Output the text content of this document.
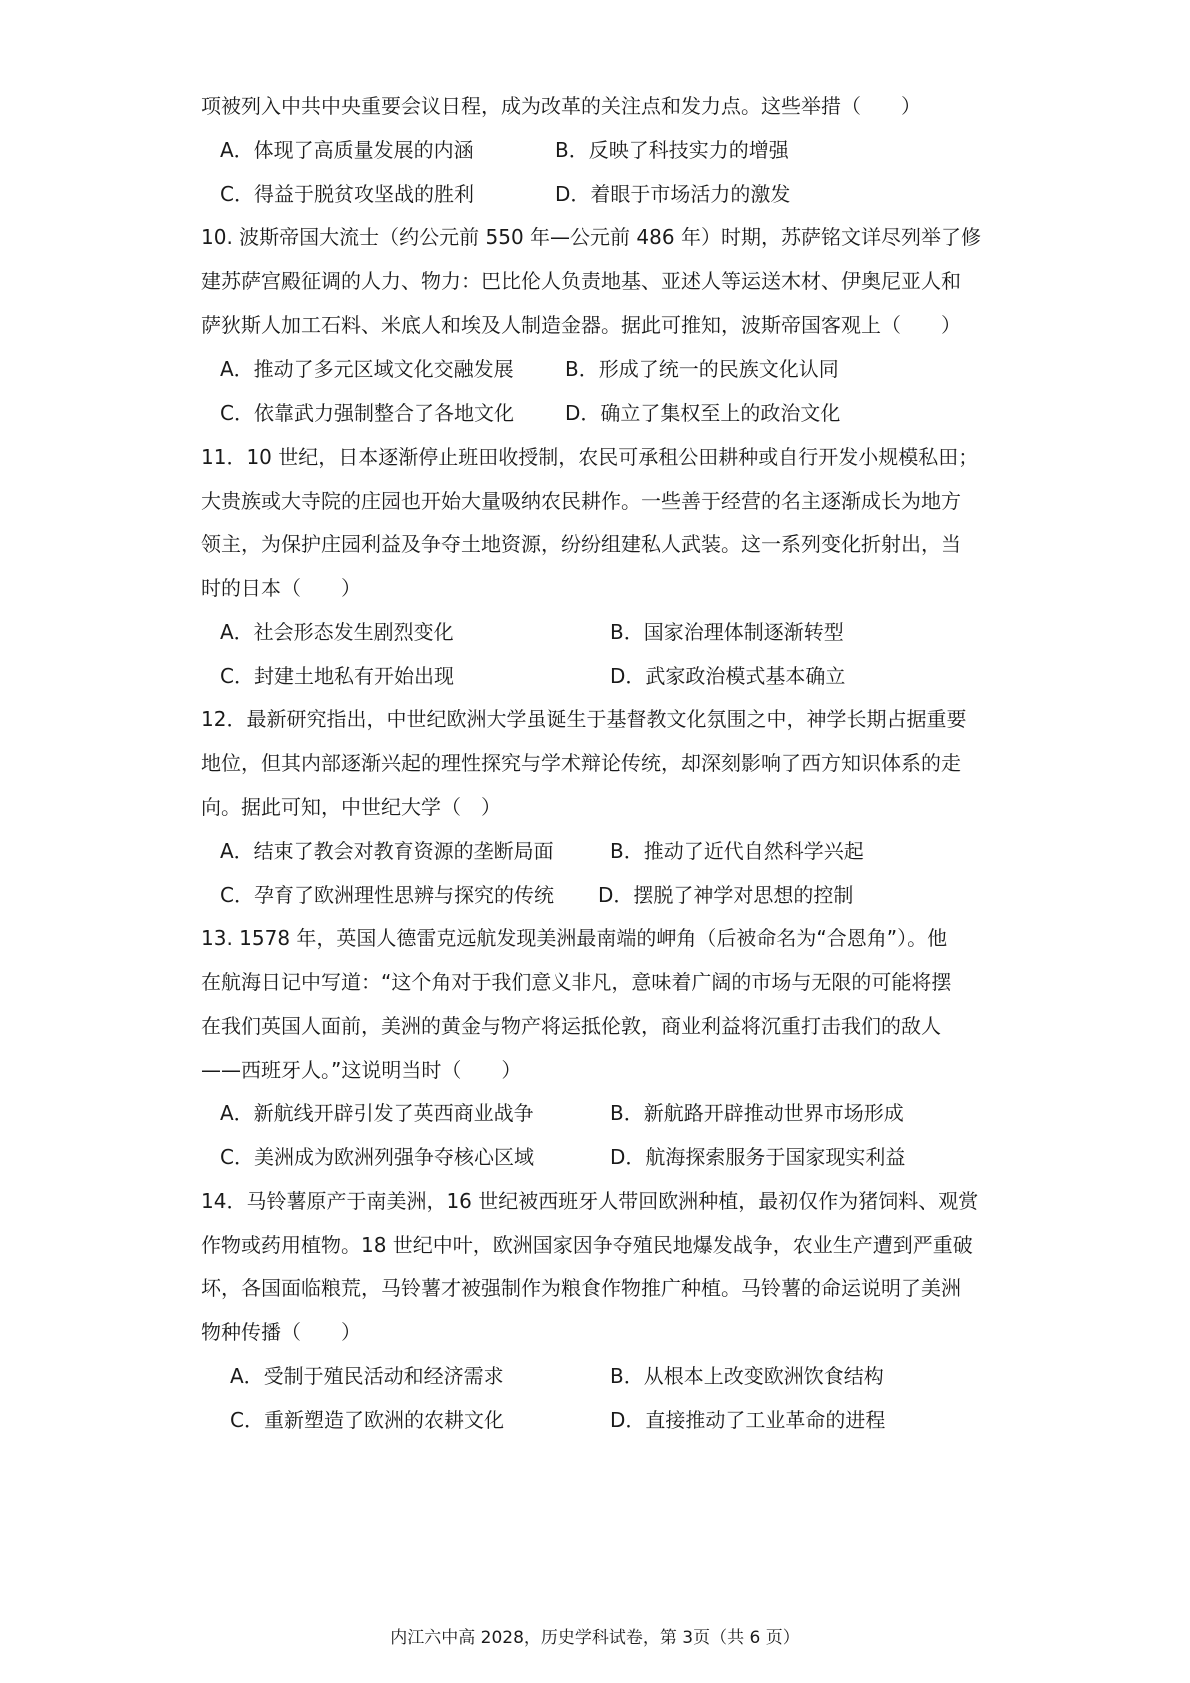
项被列入中共中央重要会议日程，成为改革的关注点和发力点。这些举措（　　）
A．体现了高质量发展的内涵	B．反映了科技实力的增强
C．得益于脱贫攻坚战的胜利	D．着眼于市场活力的激发
10. 波斯帝国大流士（约公元前 550 年—公元前 486 年）时期，苏萨铭文详尽列举了修
建苏萨宫殿征调的人力、物力：巴比伦人负责地基、亚述人等运送木材、伊奥尼亚人和
萨狄斯人加工石料、米底人和埃及人制造金器。据此可推知，波斯帝国客观上（　　）
A．推动了多元区域文化交融发展	B．形成了统一的民族文化认同
C．依靠武力强制整合了各地文化	D．确立了集权至上的政治文化
11．10 世纪，日本逐渐停止班田收授制，农民可承租公田耕种或自行开发小规模私田；
大贵族或大寺院的庄园也开始大量吸纳农民耕作。一些善于经营的名主逐渐成长为地方
领主，为保护庄园利益及争夺土地资源，纷纷组建私人武装。这一系列变化折射出，当
时的日本（　　）
A．社会形态发生剧烈变化	B．国家治理体制逐渐转型
C．封建土地私有开始出现	D．武家政治模式基本确立
12．最新研究指出，中世纪欧洲大学虽诞生于基督教文化氛围之中，神学长期占据重要
地位，但其内部逐渐兴起的理性探究与学术辩论传统，却深刻影响了西方知识体系的走
向。据此可知，中世纪大学（　）
A．结束了教会对教育资源的垄断局面	B．推动了近代自然科学兴起
C．孕育了欧洲理性思辨与探究的传统 D．摆脱了神学对思想的控制
13. 1578 年，英国人德雷克远航发现美洲最南端的岬角（后被命名为“合恩角”）。他
在航海日记中写道：“这个角对于我们意义非凡，意味着广阔的市场与无限的可能将摆
在我们英国人面前，美洲的黄金与物产将运抵伦敦，商业利益将沉重打击我们的敌人
——西班牙人。”这说明当时（　　）
A．新航线开辟引发了英西商业战争	B．新航路开辟推动世界市场形成
C．美洲成为欧洲列强争夺核心区域	D．航海探索服务于国家现实利益
14．马铃薯原产于南美洲，16 世纪被西班牙人带回欧洲种植，最初仅作为猪饲料、观赏
作物或药用植物。18 世纪中叶，欧洲国家因争夺殖民地爆发战争，农业生产遭到严重破
坏，各国面临粮荒，马铃薯才被强制作为粮食作物推广种植。马铃薯的命运说明了美洲
物种传播（　　）
A．受制于殖民活动和经济需求	B．从根本上改变欧洲饮食结构
C．重新塑造了欧洲的农耕文化	D．直接推动了工业革命的进程
内江六中高 2028，历史学科试卷，第 3页（共 6 页）
